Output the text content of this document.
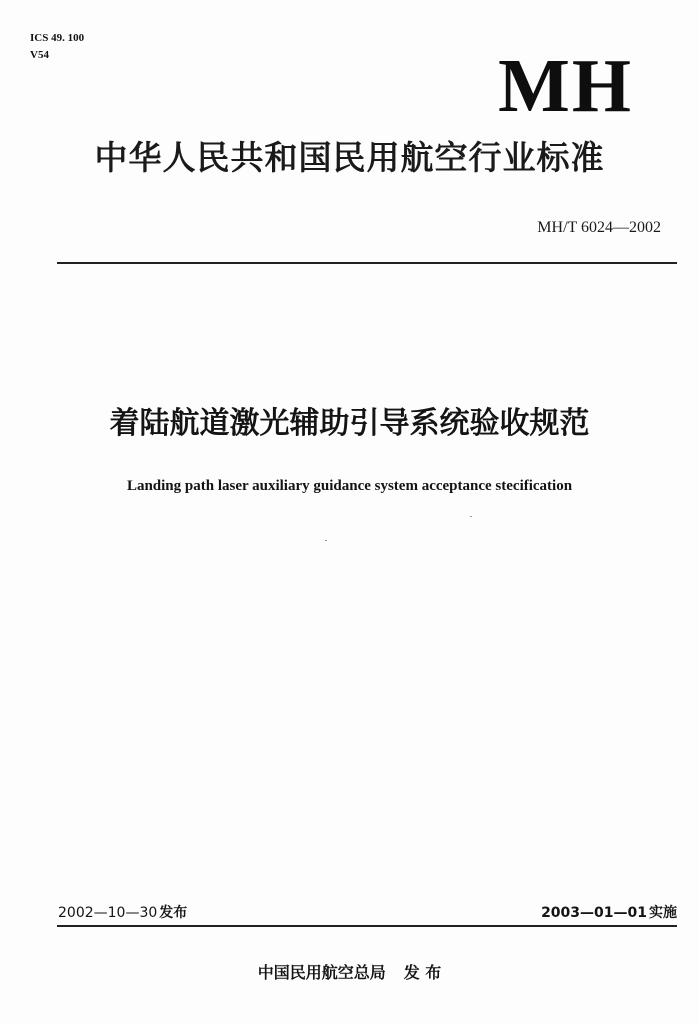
ICS 49. 100
V54	MH
中华人民共和国民用航空行业标准
MH/T 6024—2002
着陆航道激光辅助引导系统验收规范
Landing path laser auxiliary guidance system acceptance stecification
2002—10—30 发布	2003—01—01 实施
中国民用航空总局 发 布
